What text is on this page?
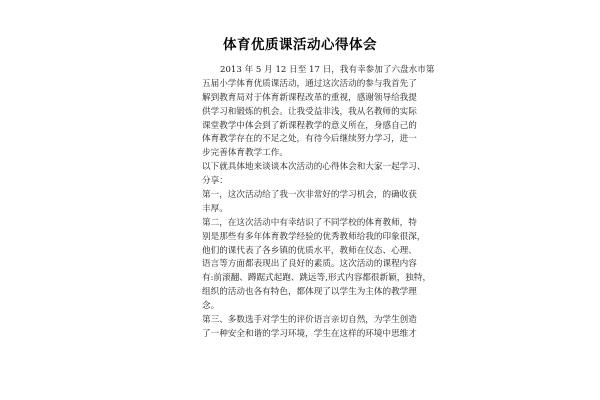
体育优质课活动心得体会
2013 年 5 月 12 日至 17 日，我有幸参加了六盘水市第
五届小学体育优质课活动，通过这次活动的参与我首先了
解到教育局对于体育新课程改革的重视，感谢领导给我提
供学习和锻炼的机会。让我受益非浅，我从名教师的实际
课堂教学中体会到了新课程教学的意义所在，身感自己的
体育教学存在的不足之处，有待今后继续努力学习，进一
步完善体育教学工作。
以下就具体地来谈谈本次活动的心得体会和大家一起学习、
分享：
第一，这次活动给了我一次非常好的学习机会，的确收获
丰厚。
第二，在这次活动中有幸结识了不同学校的体育教师，特
别是那些有多年体育教学经验的优秀教师给我的印象很深，
他们的课代表了各乡镇的优质水平，教师在仪态、心理、
语言等方面都表现出了良好的素质。这次活动的课程内容
有:前滚翻、蹲踞式起跑、跳远等,形式内容都很新颖，独特，
组织的活动也各有特色，都体现了以学生为主体的教学理
念。
第三、多数选手对学生的评价语言亲切自然，为学生创造
了一种安全和谐的学习环境，学生在这样的环境中思维才
